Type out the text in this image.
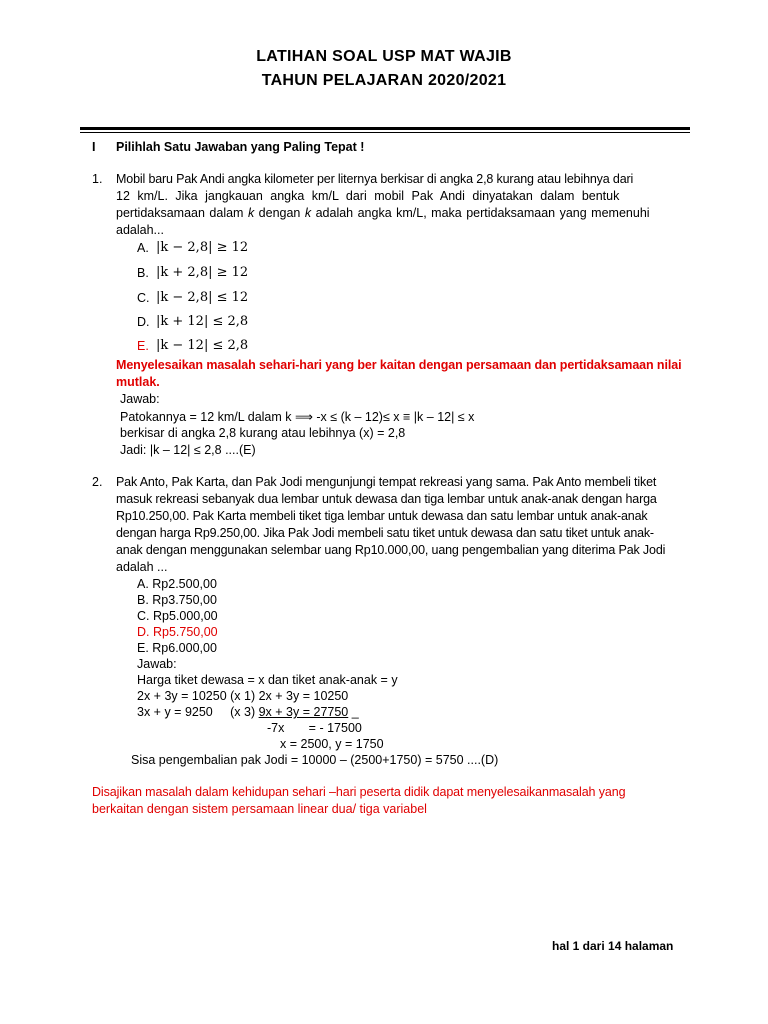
LATIHAN SOAL USP MAT WAJIB
TAHUN PELAJARAN 2020/2021
I Pilihlah Satu Jawaban yang Paling Tepat !
1. Mobil baru Pak Andi angka kilometer per liternya berkisar di angka 2,8 kurang atau lebihnya dari
12 km/L. Jika jangkauan angka km/L dari mobil Pak Andi dinyatakan dalam bentuk
pertidaksamaan dalam k dengan k adalah angka km/L, maka pertidaksamaan yang memenuhi
adalah...
A. |k − 2,8| ≥ 12
B. |k + 2,8| ≥ 12
C. |k − 2,8| ≤ 12
D. |k + 12| ≤ 2,8
E. |k − 12| ≤ 2,8
Menyelesaikan masalah sehari-hari yang ber kaitan dengan persamaan dan pertidaksamaan nilai
mutlak.
Jawab:
Patokannya = 12 km/L dalam k ⟹ -x ≤ (k – 12)≤ x ≡ |k – 12| ≤ x
berkisar di angka 2,8 kurang atau lebihnya (x) = 2,8
Jadi: |k – 12| ≤ 2,8 ....(E)
2. Pak Anto, Pak Karta, dan Pak Jodi mengunjungi tempat rekreasi yang sama. Pak Anto membeli tiket
masuk rekreasi sebanyak dua lembar untuk dewasa dan tiga lembar untuk anak-anak dengan harga
Rp10.250,00. Pak Karta membeli tiket tiga lembar untuk dewasa dan satu lembar untuk anak-anak
dengan harga Rp9.250,00. Jika Pak Jodi membeli satu tiket untuk dewasa dan satu tiket untuk anak-
anak dengan menggunakan selembar uang Rp10.000,00, uang pengembalian yang diterima Pak Jodi
adalah ...
A. Rp2.500,00
B. Rp3.750,00
C. Rp5.000,00
D. Rp5.750,00
E. Rp6.000,00
Jawab:
Harga tiket dewasa = x dan tiket anak-anak = y
2x + 3y = 10250 (x 1) 2x + 3y = 10250
3x + y = 9250     (x 3) 9x + 3y = 27750 _
-7x       = - 17500
x = 2500, y = 1750
Sisa pengembalian pak Jodi = 10000 – (2500+1750) = 5750 ....(D)
Disajikan masalah dalam kehidupan sehari –hari peserta didik dapat menyelesaikanmasalah yang
berkaitan dengan sistem persamaan linear dua/ tiga variabel
hal 1 dari 14 halaman
